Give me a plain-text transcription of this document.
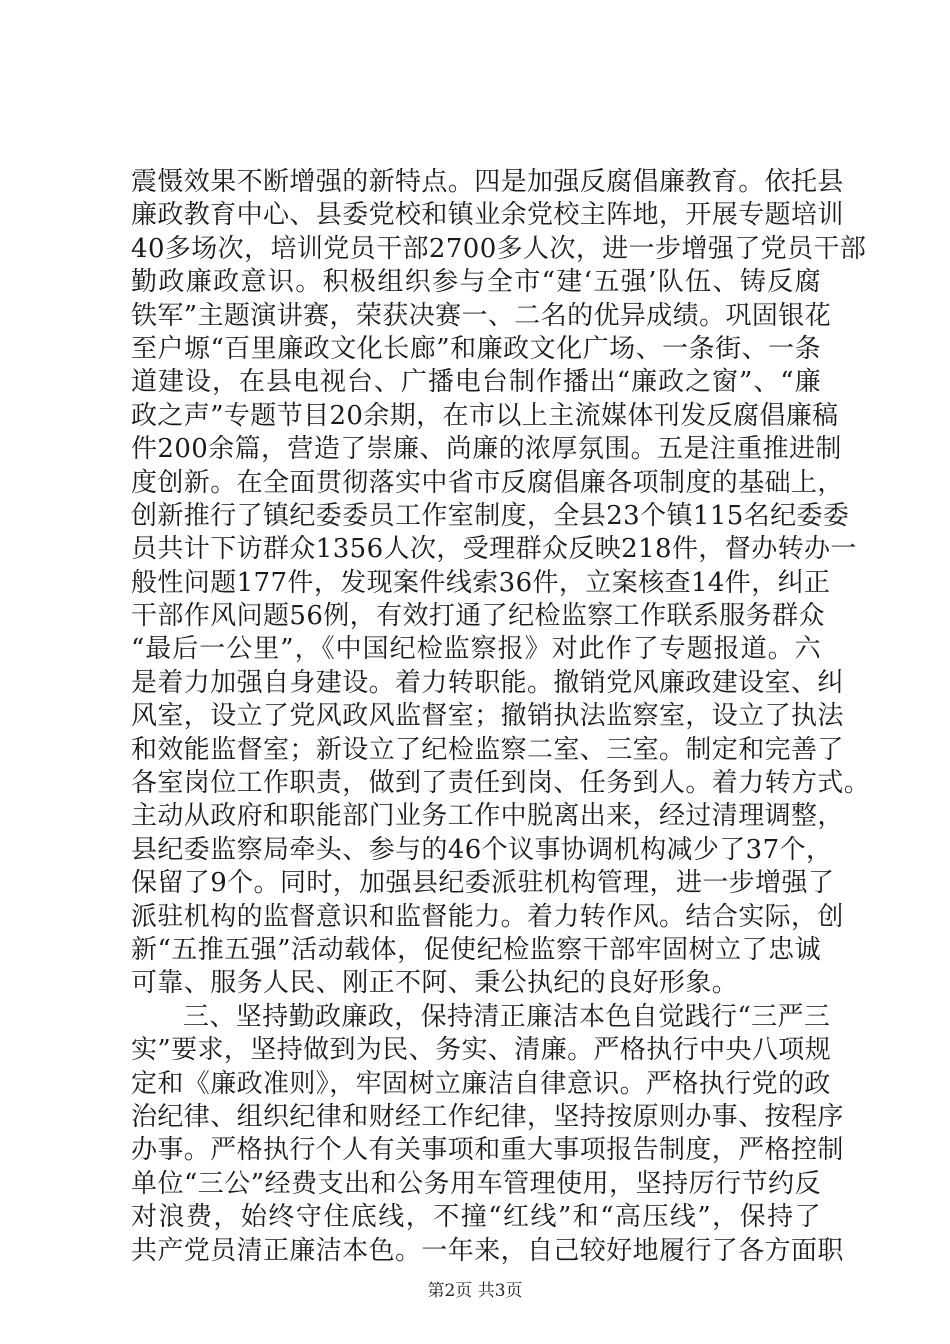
震慑效果不断增强的新特点。四是加强反腐倡廉教育。依托县
廉政教育中心、县委党校和镇业余党校主阵地，开展专题培训
40多场次，培训党员干部2700多人次，进一步增强了党员干部
勤政廉政意识。积极组织参与全市“建‘五强’队伍、铸反腐
铁军”主题演讲赛，荣获决赛一、二名的优异成绩。巩固银花
至户塬“百里廉政文化长廊”和廉政文化广场、一条街、一条
道建设，在县电视台、广播电台制作播出“廉政之窗”、“廉
政之声”专题节目20余期，在市以上主流媒体刊发反腐倡廉稿
件200余篇，营造了崇廉、尚廉的浓厚氛围。五是注重推进制
度创新。在全面贯彻落实中省市反腐倡廉各项制度的基础上，
创新推行了镇纪委委员工作室制度，全县23个镇115名纪委委
员共计下访群众1356人次，受理群众反映218件，督办转办一
般性问题177件，发现案件线索36件，立案核查14件，纠正
干部作风问题56例，有效打通了纪检监察工作联系服务群众
“最后一公里”，《中国纪检监察报》对此作了专题报道。六
是着力加强自身建设。着力转职能。撤销党风廉政建设室、纠
风室，设立了党风政风监督室；撤销执法监察室，设立了执法
和效能监督室；新设立了纪检监察二室、三室。制定和完善了
各室岗位工作职责，做到了责任到岗、任务到人。着力转方式。
主动从政府和职能部门业务工作中脱离出来，经过清理调整，
县纪委监察局牵头、参与的46个议事协调机构减少了37个，
保留了9个。同时，加强县纪委派驻机构管理，进一步增强了
派驻机构的监督意识和监督能力。着力转作风。结合实际，创
新“五推五强”活动载体，促使纪检监察干部牢固树立了忠诚
可靠、服务人民、刚正不阿、秉公执纪的良好形象。
三、坚持勤政廉政，保持清正廉洁本色自觉践行“三严三
实”要求，坚持做到为民、务实、清廉。严格执行中央八项规
定和《廉政准则》，牢固树立廉洁自律意识。严格执行党的政
治纪律、组织纪律和财经工作纪律，坚持按原则办事、按程序
办事。严格执行个人有关事项和重大事项报告制度，严格控制
单位“三公”经费支出和公务用车管理使用，坚持厉行节约反
对浪费，始终守住底线，不撞“红线”和“高压线”，保持了
共产党员清正廉洁本色。一年来，自己较好地履行了各方面职
第2页 共3页
